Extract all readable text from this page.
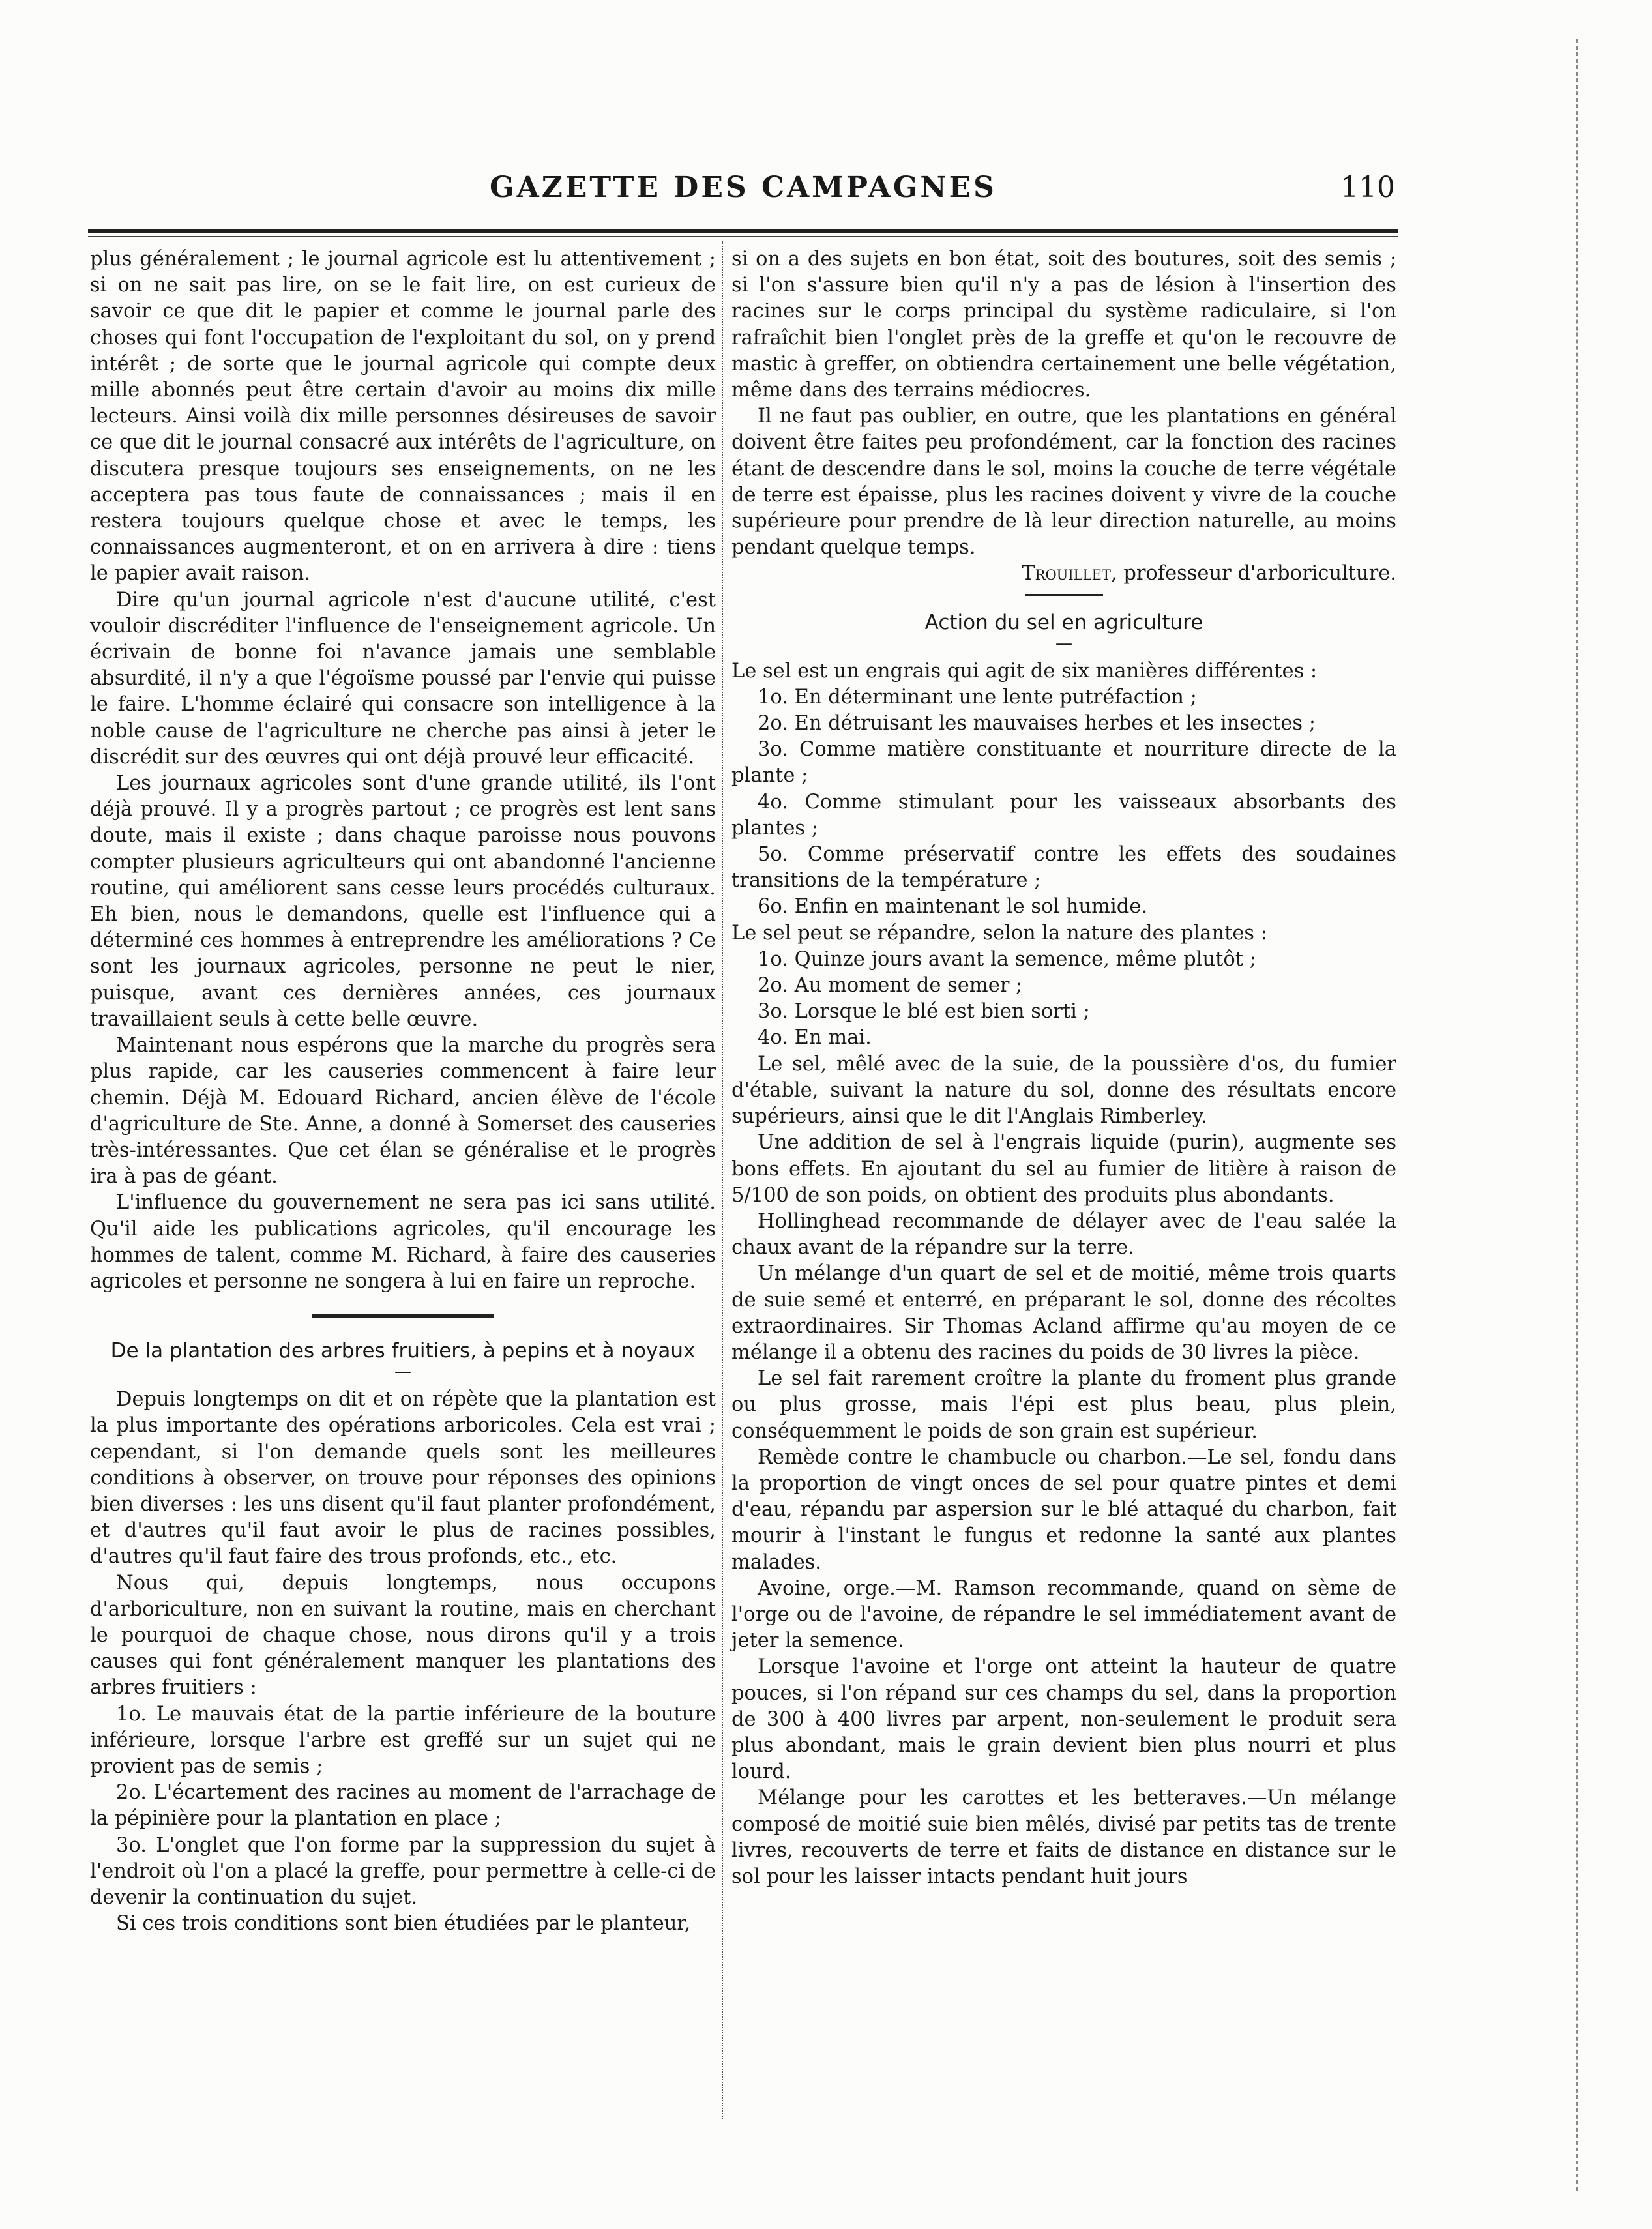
GAZETTE DES CAMPAGNES	110

plus généralement ; le journal agricole est lu attentivement ; si on ne sait pas lire, on se le fait lire, on est curieux de savoir ce que dit le papier et comme le journal parle des choses qui font l'occupation de l'exploitant du sol, on y prend intérêt ; de sorte que le journal agricole qui compte deux mille abonnés peut être certain d'avoir au moins dix mille lecteurs. Ainsi voilà dix mille personnes désireuses de savoir ce que dit le journal consacré aux intérêts de l'agriculture, on discutera presque toujours ses enseignements, on ne les acceptera pas tous faute de connaissances ; mais il en restera toujours quelque chose et avec le temps, les connaissances augmenteront, et on en arrivera à dire : tiens le papier avait raison.

Dire qu'un journal agricole n'est d'aucune utilité, c'est vouloir discréditer l'influence de l'enseignement agricole. Un écrivain de bonne foi n'avance jamais une semblable absurdité, il n'y a que l'égoïsme poussé par l'envie qui puisse le faire. L'homme éclairé qui consacre son intelligence à la noble cause de l'agriculture ne cherche pas ainsi à jeter le discrédit sur des œuvres qui ont déjà prouvé leur efficacité.

Les journaux agricoles sont d'une grande utilité, ils l'ont déjà prouvé. Il y a progrès partout ; ce progrès est lent sans doute, mais il existe ; dans chaque paroisse nous pouvons compter plusieurs agriculteurs qui ont abandonné l'ancienne routine, qui améliorent sans cesse leurs procédés culturaux. Eh bien, nous le demandons, quelle est l'influence qui a déterminé ces hommes à entreprendre les améliorations ? Ce sont les journaux agricoles, personne ne peut le nier, puisque, avant ces dernières années, ces journaux travaillaient seuls à cette belle œuvre.

Maintenant nous espérons que la marche du progrès sera plus rapide, car les causeries commencent à faire leur chemin. Déjà M. Edouard Richard, ancien élève de l'école d'agriculture de Ste. Anne, a donné à Somerset des causeries très-intéressantes. Que cet élan se généralise et le progrès ira à pas de géant.

L'influence du gouvernement ne sera pas ici sans utilité. Qu'il aide les publications agricoles, qu'il encourage les hommes de talent, comme M. Richard, à faire des causeries agricoles et personne ne songera à lui en faire un reproche.

De la plantation des arbres fruitiers, à pepins et à noyaux

—

Depuis longtemps on dit et on répète que la plantation est la plus importante des opérations arboricoles. Cela est vrai ; cependant, si l'on demande quels sont les meilleures conditions à observer, on trouve pour réponses des opinions bien diverses : les uns disent qu'il faut planter profondément, et d'autres qu'il faut avoir le plus de racines possibles, d'autres qu'il faut faire des trous profonds, etc., etc.

Nous qui, depuis longtemps, nous occupons d'arboriculture, non en suivant la routine, mais en cherchant le pourquoi de chaque chose, nous dirons qu'il y a trois causes qui font généralement manquer les plantations des arbres fruitiers :

1o. Le mauvais état de la partie inférieure de la bouture inférieure, lorsque l'arbre est greffé sur un sujet qui ne provient pas de semis ;

2o. L'écartement des racines au moment de l'arrachage de la pépinière pour la plantation en place ;

3o. L'onglet que l'on forme par la suppression du sujet à l'endroit où l'on a placé la greffe, pour permettre à celle-ci de devenir la continuation du sujet.

Si ces trois conditions sont bien étudiées par le planteur,

si on a des sujets en bon état, soit des boutures, soit des semis ; si l'on s'assure bien qu'il n'y a pas de lésion à l'insertion des racines sur le corps principal du système radiculaire, si l'on rafraîchit bien l'onglet près de la greffe et qu'on le recouvre de mastic à greffer, on obtiendra certainement une belle végétation, même dans des terrains médiocres.

Il ne faut pas oublier, en outre, que les plantations en général doivent être faites peu profondément, car la fonction des racines étant de descendre dans le sol, moins la couche de terre végétale de terre est épaisse, plus les racines doivent y vivre de la couche supérieure pour prendre de là leur direction naturelle, au moins pendant quelque temps.

Trouillet, professeur d'arboriculture.

Action du sel en agriculture

—

Le sel est un engrais qui agit de six manières différentes :

1o. En déterminant une lente putréfaction ;

2o. En détruisant les mauvaises herbes et les insectes ;

3o. Comme matière constituante et nourriture directe de la plante ;

4o. Comme stimulant pour les vaisseaux absorbants des plantes ;

5o. Comme préservatif contre les effets des soudaines transitions de la température ;

6o. Enfin en maintenant le sol humide.

Le sel peut se répandre, selon la nature des plantes :

1o. Quinze jours avant la semence, même plutôt ;

2o. Au moment de semer ;

3o. Lorsque le blé est bien sorti ;

4o. En mai.

Le sel, mêlé avec de la suie, de la poussière d'os, du fumier d'étable, suivant la nature du sol, donne des résultats encore supérieurs, ainsi que le dit l'Anglais Rimberley.

Une addition de sel à l'engrais liquide (purin), augmente ses bons effets. En ajoutant du sel au fumier de litière à raison de 5/100 de son poids, on obtient des produits plus abondants.

Hollinghead recommande de délayer avec de l'eau salée la chaux avant de la répandre sur la terre.

Un mélange d'un quart de sel et de moitié, même trois quarts de suie semé et enterré, en préparant le sol, donne des récoltes extraordinaires. Sir Thomas Acland affirme qu'au moyen de ce mélange il a obtenu des racines du poids de 30 livres la pièce.

Le sel fait rarement croître la plante du froment plus grande ou plus grosse, mais l'épi est plus beau, plus plein, conséquemment le poids de son grain est supérieur.

Remède contre le chambucle ou charbon.—Le sel, fondu dans la proportion de vingt onces de sel pour quatre pintes et demi d'eau, répandu par aspersion sur le blé attaqué du charbon, fait mourir à l'instant le fungus et redonne la santé aux plantes malades.

Avoine, orge.—M. Ramson recommande, quand on sème de l'orge ou de l'avoine, de répandre le sel immédiatement avant de jeter la semence.

Lorsque l'avoine et l'orge ont atteint la hauteur de quatre pouces, si l'on répand sur ces champs du sel, dans la proportion de 300 à 400 livres par arpent, non-seulement le produit sera plus abondant, mais le grain devient bien plus nourri et plus lourd.

Mélange pour les carottes et les betteraves.—Un mélange composé de moitié suie bien mêlés, divisé par petits tas de trente livres, recouverts de terre et faits de distance en distance sur le sol pour les laisser intacts pendant huit jours
